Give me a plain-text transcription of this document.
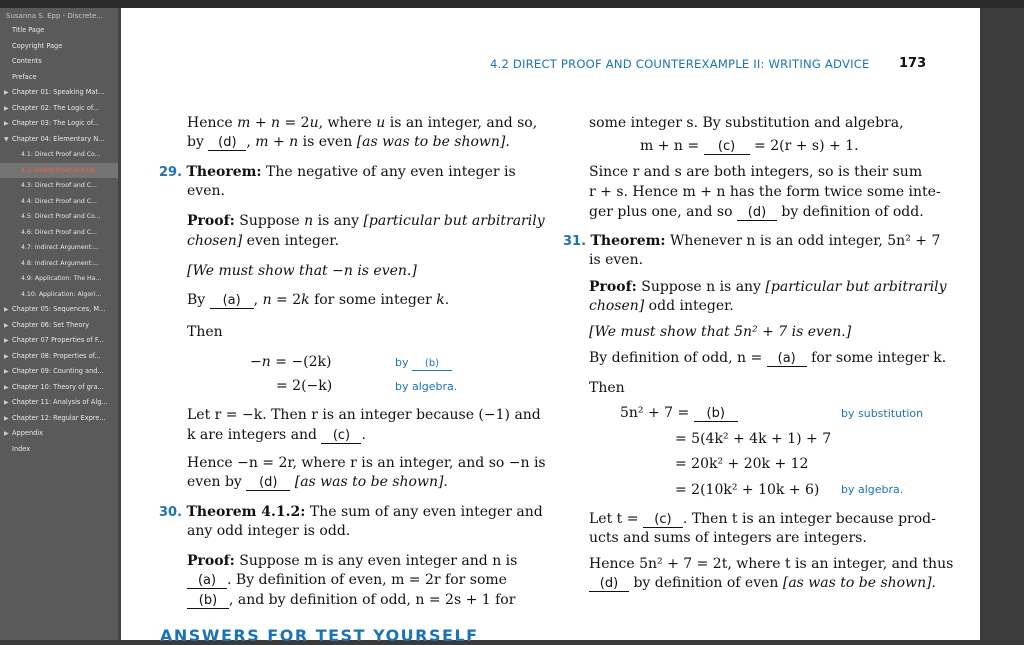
Susanna S. Epp - Discrete...
Title Page
Copyright Page
Contents
Preface
▶ Chapter 01: Speaking Mat...
▶ Chapter 02: The Logic of...
▶ Chapter 03: The Logic of...
▼ Chapter 04: Elementary N...
4.1: Direct Proof and Co...
4.2: Direct Proof and Co...
4.3: Direct Proof and C...
4.4: Direct Proof and C...
4.5: Direct Proof and Co...
4.6: Direct Proof and C...
4.7: Indirect Argument:...
4.8: Indirect Argument:...
4.9: Application: The Ha...
4.10: Application: Algori...
▶ Chapter 05: Sequences, M...
▶ Chapter 06: Set Theory
▶ Chapter 07 Properties of F...
▶ Chapter 08: Properties of...
▶ Chapter 09: Counting and...
▶ Chapter 10: Theory of gra...
▶ Chapter 11: Analysis of Alg...
▶ Chapter 12: Regular Expre...
▶ Appendix
Index
4.2 DIRECT PROOF AND COUNTEREXAMPLE II: WRITING ADVICE 173
Hence m + n = 2u, where u is an integer, and so,
by (d) , m + n is even [as was to be shown].
29. Theorem: The negative of any even integer is
even.
Proof: Suppose n is any [particular but arbitrarily
chosen] even integer.
[We must show that −n is even.]
By (a) , n = 2k for some integer k.
Then
−n = −(2k)	by (b)
= 2(−k)	by algebra.
Let r = −k. Then r is an integer because (−1) and
k are integers and (c) .
Hence −n = 2r, where r is an integer, and so −n is
even by (d) [as was to be shown].
30. Theorem 4.1.2: The sum of any even integer and
any odd integer is odd.
Proof: Suppose m is any even integer and n is
(a) . By definition of even, m = 2r for some
(b) , and by definition of odd, n = 2s + 1 for
some integer s. By substitution and algebra,
m + n = (c) = 2(r + s) + 1.
Since r and s are both integers, so is their sum
r + s. Hence m + n has the form twice some inte-
ger plus one, and so (d) by definition of odd.
31. Theorem: Whenever n is an odd integer, 5n² + 7
is even.
Proof: Suppose n is any [particular but arbitrarily
chosen] odd integer.
[We must show that 5n² + 7 is even.]
By definition of odd, n = (a) for some integer k.
Then
5n² + 7 = (b)	by substitution
= 5(4k² + 4k + 1) + 7
= 20k² + 20k + 12
= 2(10k² + 10k + 6) by algebra.
Let t = (c) . Then t is an integer because prod-
ucts and sums of integers are integers.
Hence 5n² + 7 = 2t, where t is an integer, and thus
(d) by definition of even [as was to be shown].
ANSWERS FOR TEST YOURSELF
